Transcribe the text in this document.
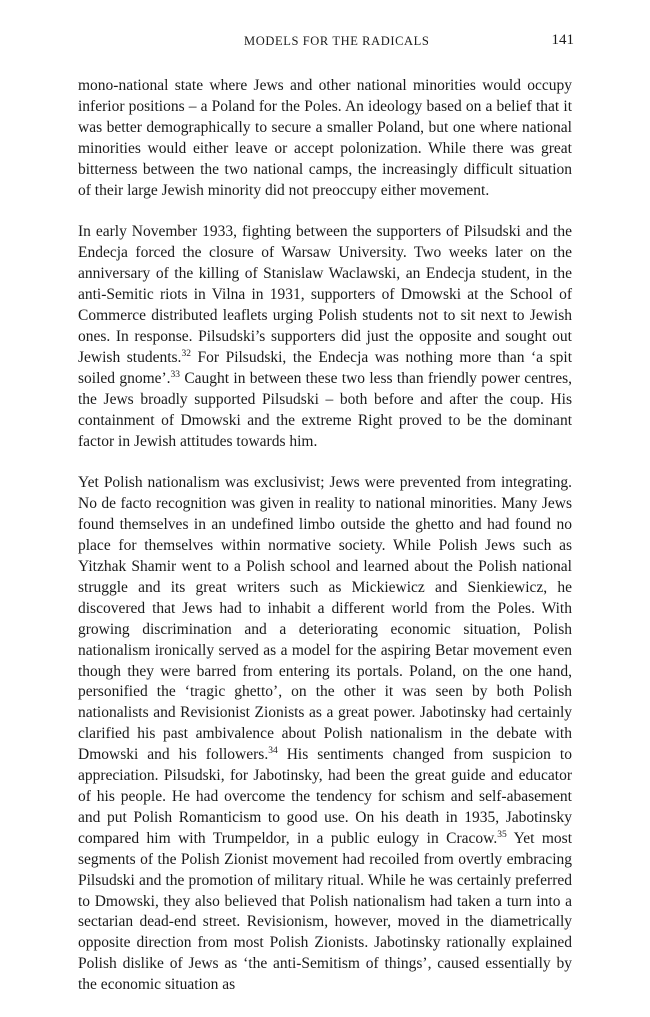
MODELS FOR THE RADICALS	141

mono-national state where Jews and other national minorities would occupy inferior positions – a Poland for the Poles. An ideology based on a belief that it was better demographically to secure a smaller Poland, but one where national minorities would either leave or accept polonization. While there was great bitterness between the two national camps, the increasingly difficult situation of their large Jewish minority did not preoccupy either movement.

In early November 1933, fighting between the supporters of Pilsudski and the Endecja forced the closure of Warsaw University. Two weeks later on the anniversary of the killing of Stanislaw Waclawski, an Endecja student, in the anti-Semitic riots in Vilna in 1931, supporters of Dmowski at the School of Commerce distributed leaflets urging Polish students not to sit next to Jewish ones. In response. Pilsudski’s supporters did just the opposite and sought out Jewish students.$^{32}$ For Pilsudski, the Endecja was nothing more than ‘a spit soiled gnome’.$^{33}$ Caught in between these two less than friendly power centres, the Jews broadly supported Pilsudski – both before and after the coup. His containment of Dmowski and the extreme Right proved to be the dominant factor in Jewish attitudes towards him.

Yet Polish nationalism was exclusivist; Jews were prevented from integrating. No de facto recognition was given in reality to national minorities. Many Jews found themselves in an undefined limbo outside the ghetto and had found no place for themselves within normative society. While Polish Jews such as Yitzhak Shamir went to a Polish school and learned about the Polish national struggle and its great writers such as Mickiewicz and Sienkiewicz, he discovered that Jews had to inhabit a different world from the Poles. With growing discrimination and a deteriorating economic situation, Polish nationalism ironically served as a model for the aspiring Betar movement even though they were barred from entering its portals. Poland, on the one hand, personified the ‘tragic ghetto’, on the other it was seen by both Polish nationalists and Revisionist Zionists as a great power. Jabotinsky had certainly clarified his past ambivalence about Polish nationalism in the debate with Dmowski and his followers.$^{34}$ His sentiments changed from suspicion to appreciation. Pilsudski, for Jabotinsky, had been the great guide and educator of his people. He had overcome the tendency for schism and self-abasement and put Polish Romanticism to good use. On his death in 1935, Jabotinsky compared him with Trumpeldor, in a public eulogy in Cracow.$^{35}$ Yet most segments of the Polish Zionist movement had recoiled from overtly embracing Pilsudski and the promotion of military ritual. While he was certainly preferred to Dmowski, they also believed that Polish nationalism had taken a turn into a sectarian dead-end street. Revisionism, however, moved in the diametrically opposite direction from most Polish Zionists. Jabotinsky rationally explained Polish dislike of Jews as ‘the anti-Semitism of things’, caused essentially by the economic situation as
